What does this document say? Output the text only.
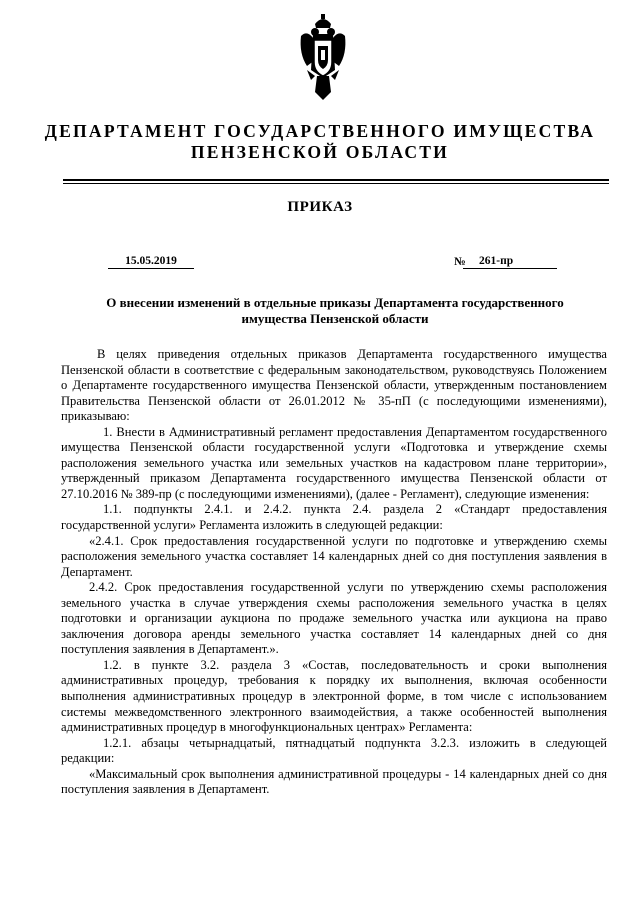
ДЕПАРТАМЕНТ ГОСУДАРСТВЕННОГО ИМУЩЕСТВА
ПЕНЗЕНСКОЙ ОБЛАСТИ
ПРИКАЗ
15.05.2019	№	261-пр
О внесении изменений в отдельные приказы Департамента государственного
имущества Пензенской области

В целях приведения отдельных приказов Департамента государственного имущества Пензенской области в соответствие с федеральным законодательством, руководствуясь Положением о Департаменте государственного имущества Пензенской области, утвержденным постановлением Правительства Пензенской области от 26.01.2012 № 35-пП (с последующими изменениями), приказываю:

1. Внести в Административный регламент предоставления Департаментом государственного имущества Пензенской области государственной услуги «Подготовка и утверждение схемы расположения земельного участка или земельных участков на кадастровом плане территории», утвержденный приказом Департамента государственного имущества Пензенской области от 27.10.2016 № 389-пр (с последующими изменениями), (далее - Регламент), следующие изменения:

1.1. подпункты 2.4.1. и 2.4.2. пункта 2.4. раздела 2 «Стандарт предоставления государственной услуги» Регламента изложить в следующей редакции:

«2.4.1. Срок предоставления государственной услуги по подготовке и утверждению схемы расположения земельного участка составляет 14 календарных дней со дня поступления заявления в Департамент.

2.4.2. Срок предоставления государственной услуги по утверждению схемы расположения земельного участка в случае утверждения схемы расположения земельного участка в целях подготовки и организации аукциона по продаже земельного участка или аукциона на право заключения договора аренды земельного участка составляет 14 календарных дней со дня поступления заявления в Департамент.».

1.2. в пункте 3.2. раздела 3 «Состав, последовательность и сроки выполнения административных процедур, требования к порядку их выполнения, включая особенности выполнения административных процедур в электронной форме, в том числе с использованием системы межведомственного электронного взаимодействия, а также особенностей выполнения административных процедур в многофункциональных центрах» Регламента:

1.2.1. абзацы четырнадцатый, пятнадцатый подпункта 3.2.3. изложить в следующей редакции:

«Максимальный срок выполнения административной процедуры - 14 календарных дней со дня поступления заявления в Департамент.
